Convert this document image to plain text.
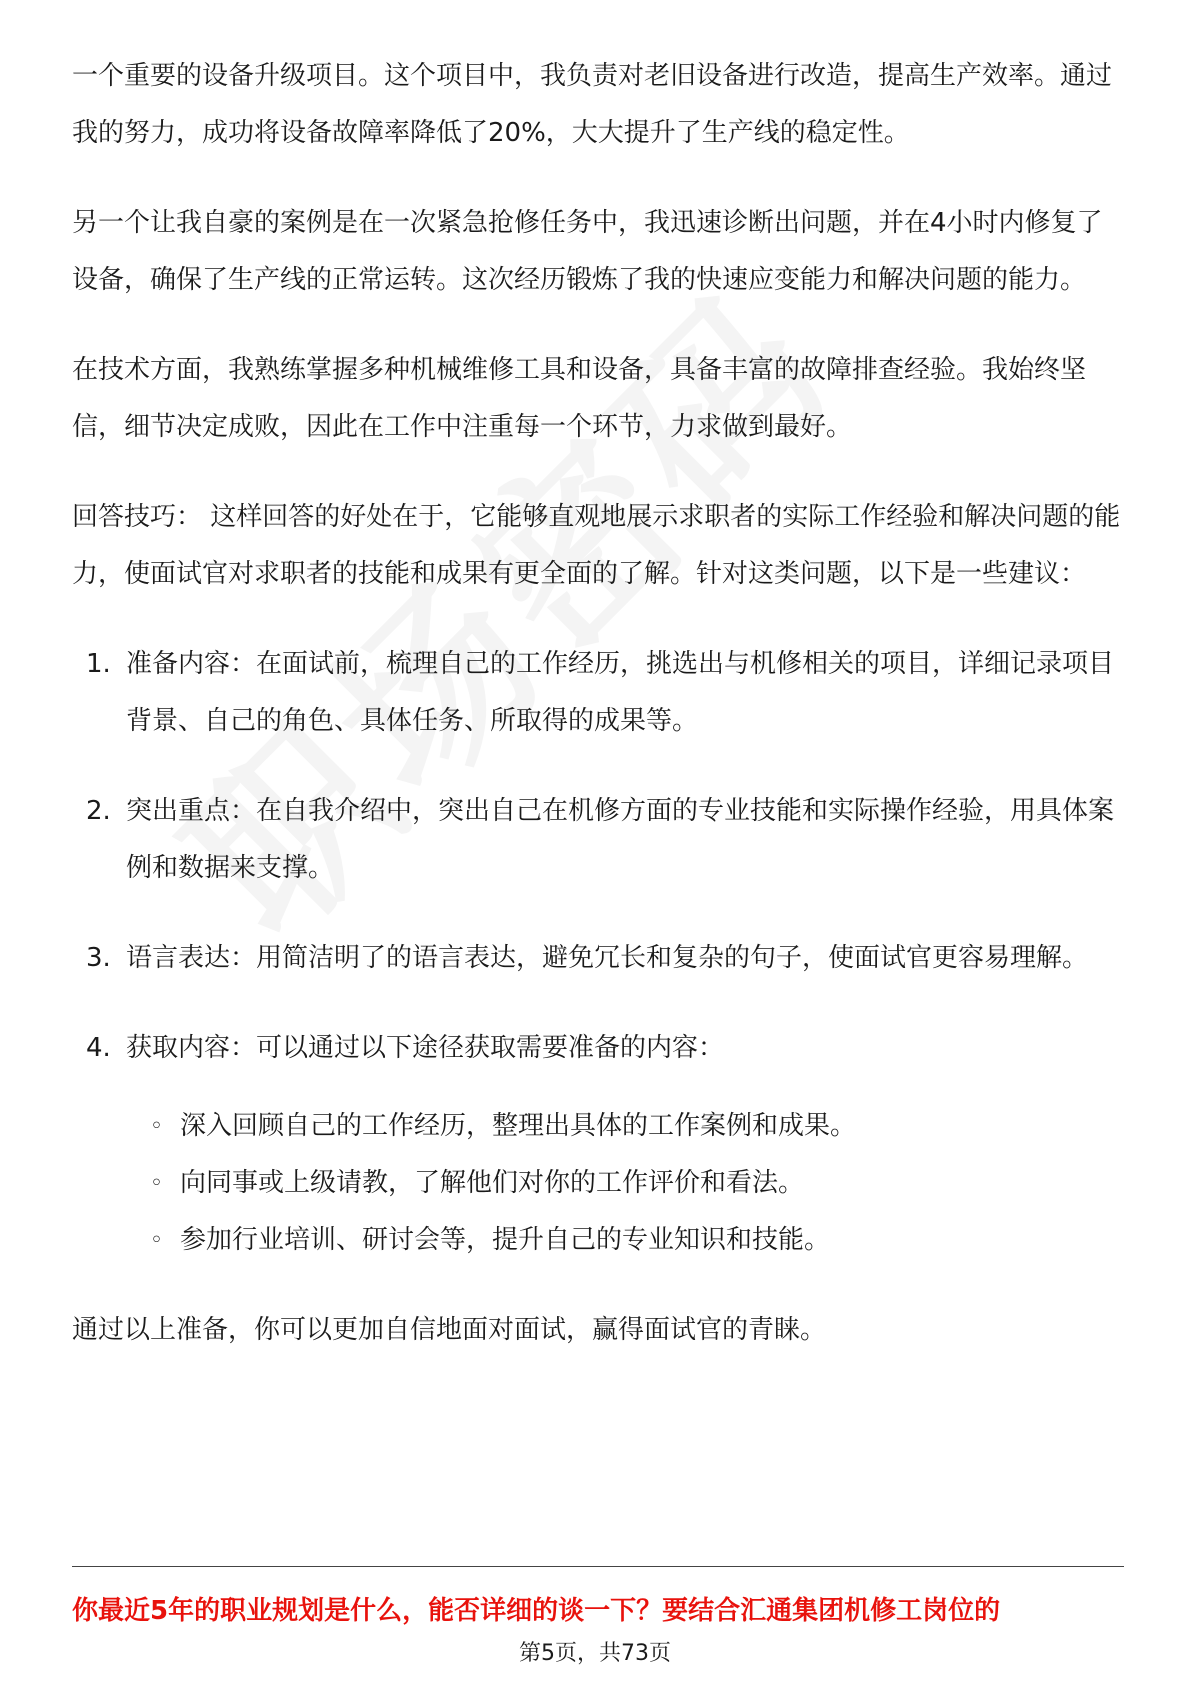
一个重要的设备升级项目。这个项目中，我负责对老旧设备进行改造，提高生产效率。通过我的努力，成功将设备故障率降低了20%，大大提升了生产线的稳定性。

另一个让我自豪的案例是在一次紧急抢修任务中，我迅速诊断出问题，并在4小时内修复了设备，确保了生产线的正常运转。这次经历锻炼了我的快速应变能力和解决问题的能力。

在技术方面，我熟练掌握多种机械维修工具和设备，具备丰富的故障排查经验。我始终坚信，细节决定成败，因此在工作中注重每一个环节，力求做到最好。

回答技巧： 这样回答的好处在于，它能够直观地展示求职者的实际工作经验和解决问题的能力，使面试官对求职者的技能和成果有更全面的了解。针对这类问题，以下是一些建议：

1. 准备内容：在面试前，梳理自己的工作经历，挑选出与机修相关的项目，详细记录项目背景、自己的角色、具体任务、所取得的成果等。
2. 突出重点：在自我介绍中，突出自己在机修方面的专业技能和实际操作经验，用具体案例和数据来支撑。
3. 语言表达：用简洁明了的语言表达，避免冗长和复杂的句子，使面试官更容易理解。
4. 获取内容：可以通过以下途径获取需要准备的内容：
◦ 深入回顾自己的工作经历，整理出具体的工作案例和成果。
◦ 向同事或上级请教，了解他们对你的工作评价和看法。
◦ 参加行业培训、研讨会等，提升自己的专业知识和技能。

通过以上准备，你可以更加自信地面对面试，赢得面试官的青睐。

你最近5年的职业规划是什么，能否详细的谈一下？要结合汇通集团机修工岗位的
第5页，共73页
